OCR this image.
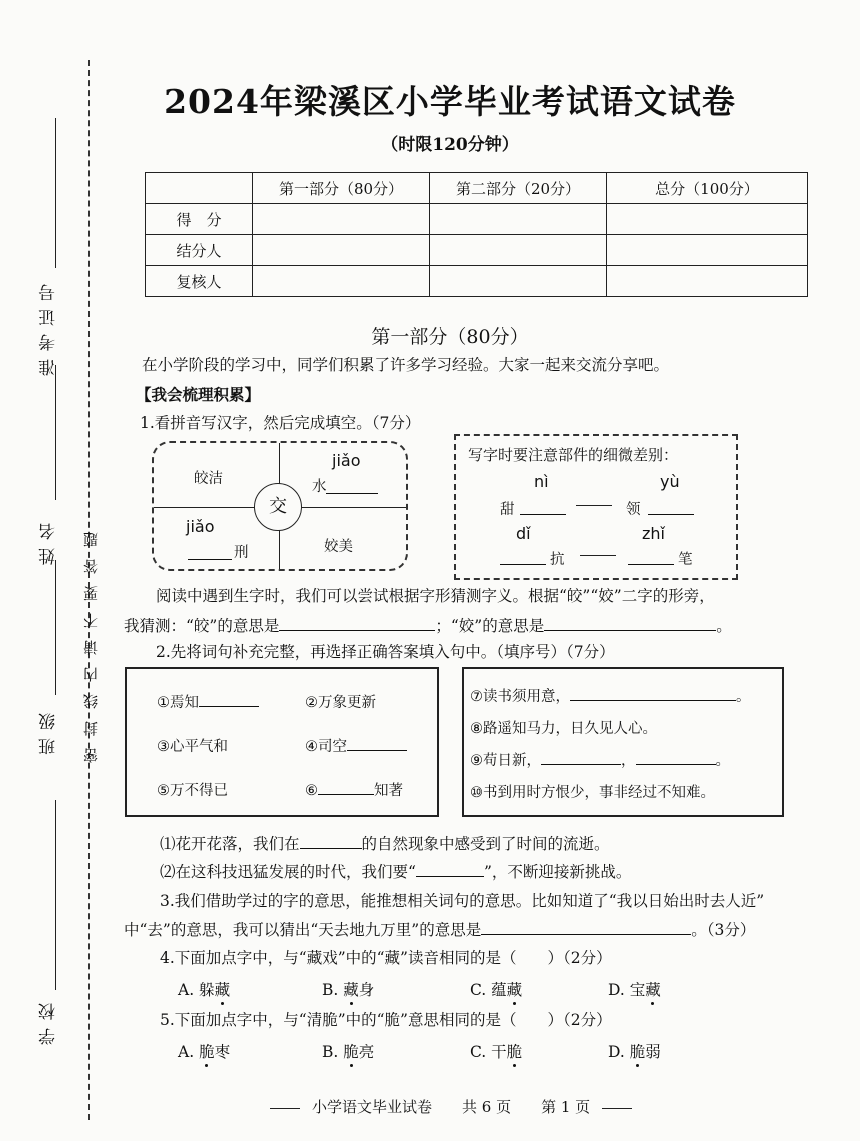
准考证号
姓名
班级
学校
密封线内请不要答题
2024年梁溪区小学毕业考试语文试卷
（时限120分钟）
	第一部分（80分）	第二部分（20分）	总分（100分）
得　分			
结分人			
复核人			
第一部分（80分）
在小学阶段的学习中，同学们积累了许多学习经验。大家一起来交流分享吧。
【我会梳理积累】
1.看拼音写汉字，然后完成填空。（7分）
交
皎洁
jiǎo
水
jiǎo
刑	姣美
写字时要注意部件的细微差别：
nì	yù
甜	领
dǐ	zhǐ
抗	笔
阅读中遇到生字时，我们可以尝试根据字形猜测字义。根据“皎”“姣”二字的形旁，
我猜测：“皎”的意思是	；“姣”的意思是	。
2.先将词句补充完整，再选择正确答案填入句中。（填序号）（7分）
①焉知	②万象更新
③心平气和	④司空
⑤万不得已	⑥	知著
⑦读书须用意，	。
⑧路遥知马力，日久见人心。
⑨苟日新，	，	。
⑩书到用时方恨少，事非经过不知难。
⑴花开花落，我们在	的自然现象中感受到了时间的流逝。
⑵在这科技迅猛发展的时代，我们要“	”，不断迎接新挑战。
3.我们借助学过的字的意思，能推想相关词句的意思。比如知道了“我以日始出时去人近”
中“去”的意思，我可以猜出“天去地九万里”的意思是	。（3分）
4.下面加点字中，与“藏戏”中的“藏”读音相同的是（　　）（2分）
A. 躲藏	B. 藏身	C. 蕴藏	D. 宝藏
5.下面加点字中，与“清脆”中的“脆”意思相同的是（　　）（2分）
A. 脆枣	B. 脆亮	C. 干脆	D. 脆弱
小学语文毕业试卷　　共 6 页　　第 1 页
